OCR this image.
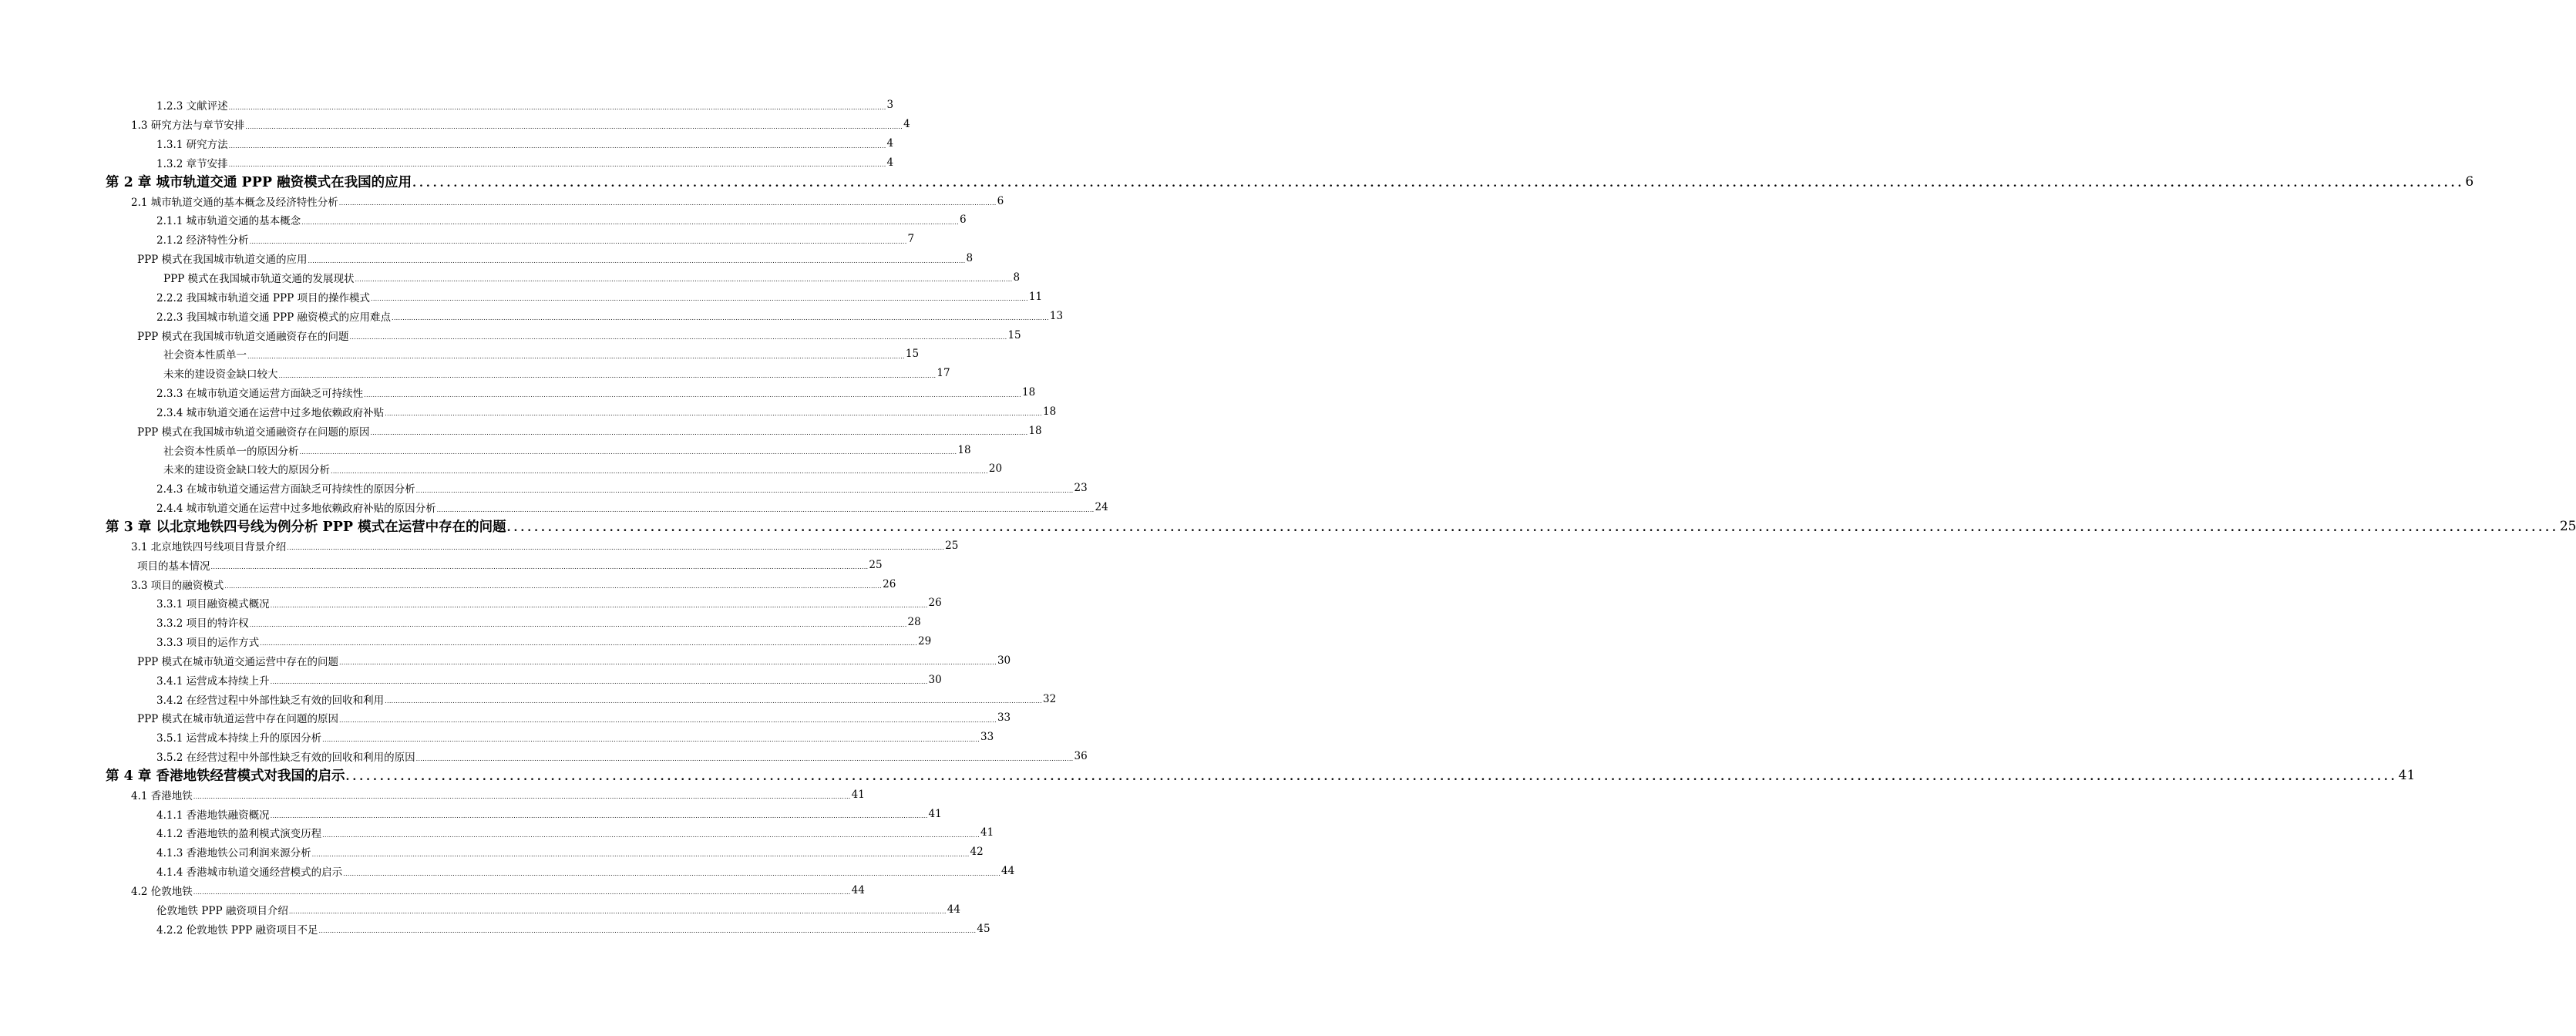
1.2.3 文献评述 ............................................................................................................................................................................................................................................................................................................ 3
1.3 研究方法与章节安排 ............................................................................................................................................................................................................................................................................................................ 4
1.3.1 研究方法 ............................................................................................................................................................................................................................................................................................................ 4
1.3.2 章节安排 ............................................................................................................................................................................................................................................................................................................ 4
第 2 章 城市轨道交通 PPP 融资模式在我国的应用 ............................................................................................................................................................................................................................................................................................................ 6
2.1 城市轨道交通的基本概念及经济特性分析 ............................................................................................................................................................................................................................................................................................................ 6
2.1.1 城市轨道交通的基本概念 ............................................................................................................................................................................................................................................................................................................ 6
2.1.2 经济特性分析 ............................................................................................................................................................................................................................................................................................................ 7
PPP 模式在我国城市轨道交通的应用 ............................................................................................................................................................................................................................................................................................................ 8
PPP 模式在我国城市轨道交通的发展现状 ............................................................................................................................................................................................................................................................................................................ 8
2.2.2 我国城市轨道交通 PPP 项目的操作模式 ............................................................................................................................................................................................................................................................................................................ 11
2.2.3 我国城市轨道交通 PPP 融资模式的应用难点 ............................................................................................................................................................................................................................................................................................................ 13
PPP 模式在我国城市轨道交通融资存在的问题 ............................................................................................................................................................................................................................................................................................................ 15
社会资本性质单一 ............................................................................................................................................................................................................................................................................................................ 15
未来的建设资金缺口较大 ............................................................................................................................................................................................................................................................................................................ 17
2.3.3 在城市轨道交通运营方面缺乏可持续性 ............................................................................................................................................................................................................................................................................................................ 18
2.3.4 城市轨道交通在运营中过多地依赖政府补贴 ............................................................................................................................................................................................................................................................................................................ 18
PPP 模式在我国城市轨道交通融资存在问题的原因 ............................................................................................................................................................................................................................................................................................................ 18
社会资本性质单一的原因分析 ............................................................................................................................................................................................................................................................................................................ 18
未来的建设资金缺口较大的原因分析 ............................................................................................................................................................................................................................................................................................................ 20
2.4.3 在城市轨道交通运营方面缺乏可持续性的原因分析 ............................................................................................................................................................................................................................................................................................................ 23
2.4.4 城市轨道交通在运营中过多地依赖政府补贴的原因分析 ............................................................................................................................................................................................................................................................................................................ 24
第 3 章 以北京地铁四号线为例分析 PPP 模式在运营中存在的问题 ............................................................................................................................................................................................................................................................................................................ 25
3.1 北京地铁四号线项目背景介绍 ............................................................................................................................................................................................................................................................................................................ 25
项目的基本情况 ............................................................................................................................................................................................................................................................................................................ 25
3.3 项目的融资模式 ............................................................................................................................................................................................................................................................................................................ 26
3.3.1 项目融资模式概况 ............................................................................................................................................................................................................................................................................................................ 26
3.3.2 项目的特许权 ............................................................................................................................................................................................................................................................................................................ 28
3.3.3 项目的运作方式 ............................................................................................................................................................................................................................................................................................................ 29
PPP 模式在城市轨道交通运营中存在的问题 ............................................................................................................................................................................................................................................................................................................ 30
3.4.1 运营成本持续上升 ............................................................................................................................................................................................................................................................................................................ 30
3.4.2 在经营过程中外部性缺乏有效的回收和利用 ............................................................................................................................................................................................................................................................................................................ 32
PPP 模式在城市轨道运营中存在问题的原因 ............................................................................................................................................................................................................................................................................................................ 33
3.5.1 运营成本持续上升的原因分析 ............................................................................................................................................................................................................................................................................................................ 33
3.5.2 在经营过程中外部性缺乏有效的回收和利用的原因 ............................................................................................................................................................................................................................................................................................................ 36
第 4 章 香港地铁经营模式对我国的启示 ............................................................................................................................................................................................................................................................................................................ 41
4.1 香港地铁 ............................................................................................................................................................................................................................................................................................................ 41
4.1.1 香港地铁融资概况 ............................................................................................................................................................................................................................................................................................................ 41
4.1.2 香港地铁的盈利模式演变历程 ............................................................................................................................................................................................................................................................................................................ 41
4.1.3 香港地铁公司利润来源分析 ............................................................................................................................................................................................................................................................................................................ 42
4.1.4 香港城市轨道交通经营模式的启示 ............................................................................................................................................................................................................................................................................................................ 44
4.2 伦敦地铁 ............................................................................................................................................................................................................................................................................................................ 44
伦敦地铁 PPP 融资项目介绍 ............................................................................................................................................................................................................................................................................................................ 44
4.2.2 伦敦地铁 PPP 融资项目不足 ............................................................................................................................................................................................................................................................................................................ 45
